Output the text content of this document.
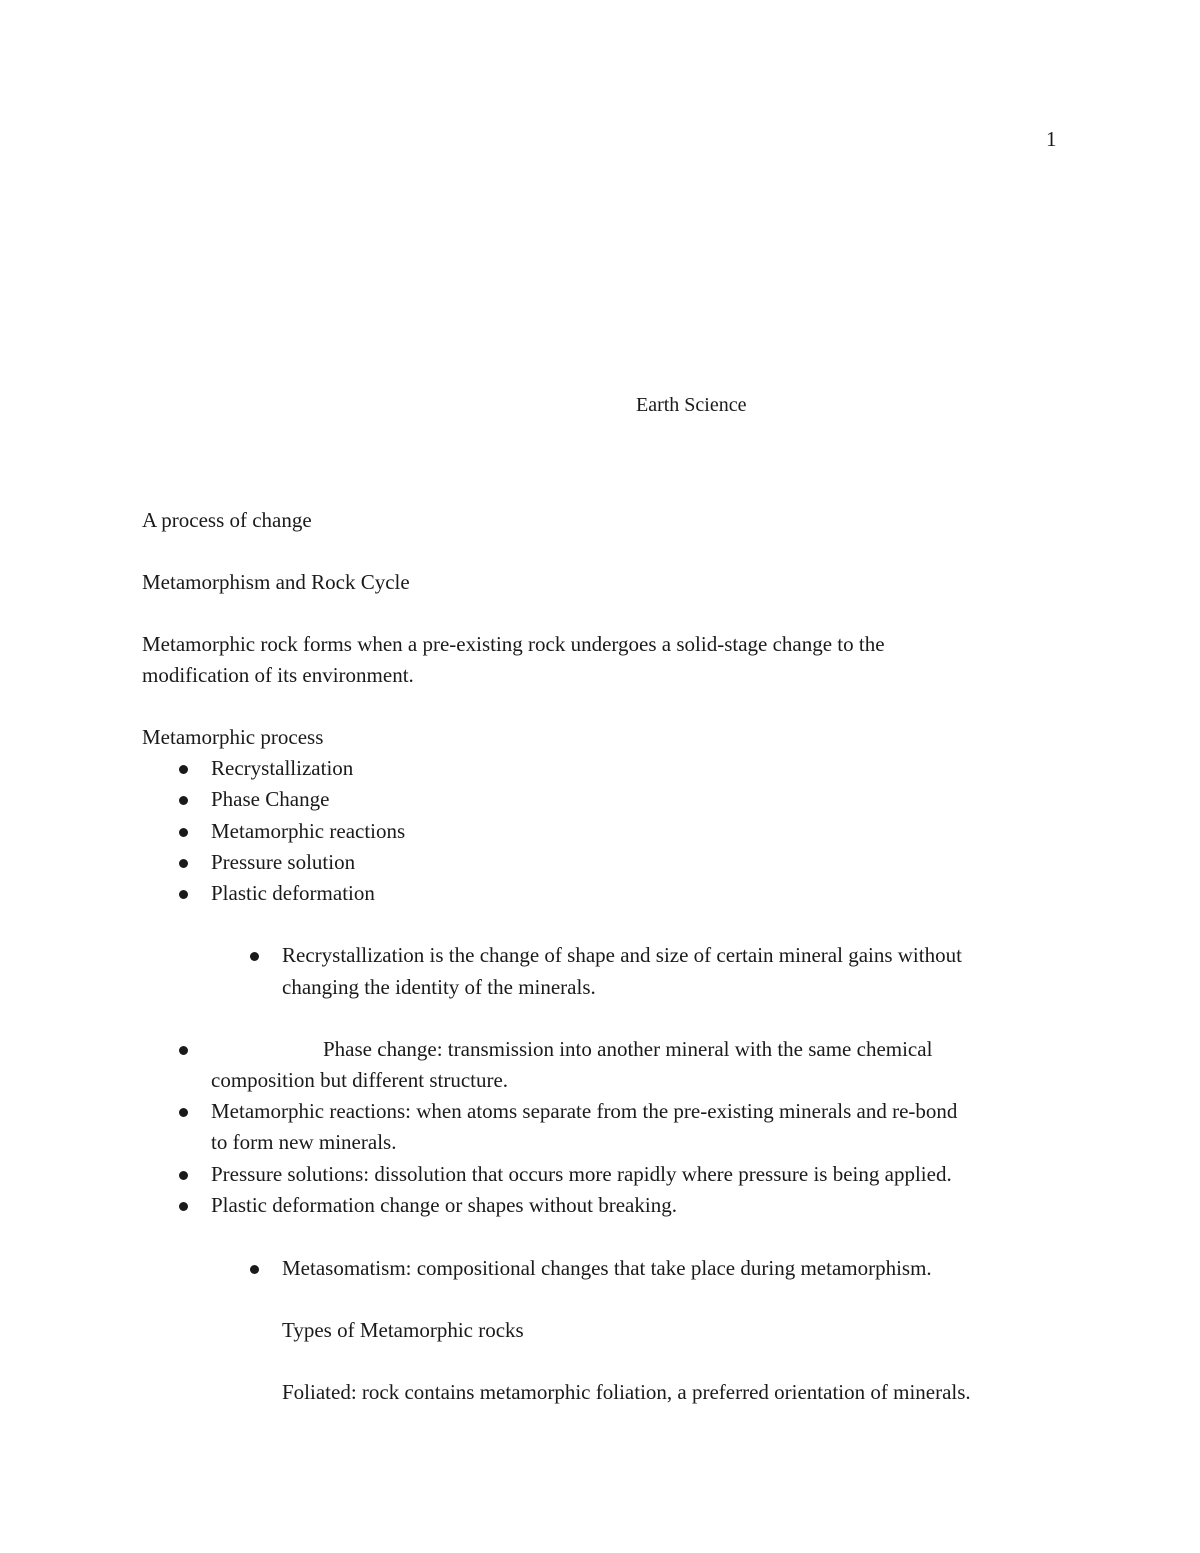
1
Earth Science
A process of change
Metamorphism and Rock Cycle
Metamorphic rock forms when a pre-existing rock undergoes a solid-stage change to the
modification of its environment.
Metamorphic process
Recrystallization
Phase Change
Metamorphic reactions
Pressure solution
Plastic deformation
Recrystallization is the change of shape and size of certain mineral gains without
changing the identity of the minerals.
Phase change: transmission into another mineral with the same chemical
composition but different structure.
Metamorphic reactions: when atoms separate from the pre-existing minerals and re-bond
to form new minerals.
Pressure solutions: dissolution that occurs more rapidly where pressure is being applied.
Plastic deformation change or shapes without breaking.
Metasomatism: compositional changes that take place during metamorphism.
Types of Metamorphic rocks
Foliated: rock contains metamorphic foliation, a preferred orientation of minerals.
